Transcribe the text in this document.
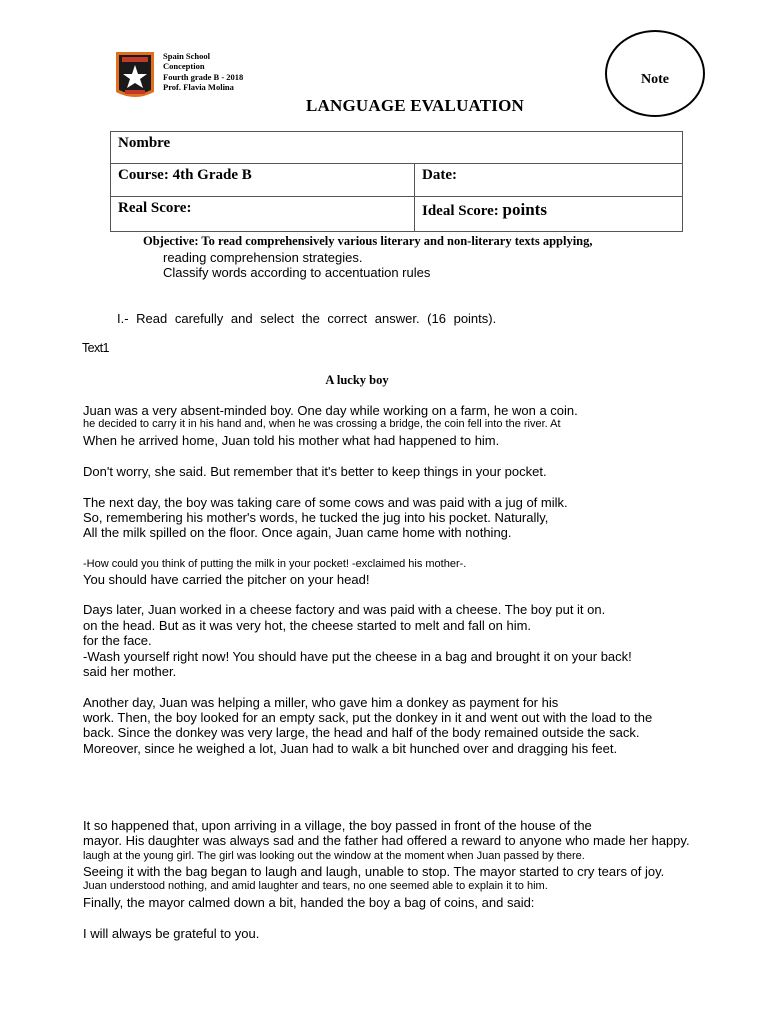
Spain School
Conception
Fourth grade B - 2018
Prof. Flavia Molina	Note
LANGUAGE EVALUATION
Nombre
Course: 4th Grade B	Date:
Real Score:	Ideal Score: points
Objective: To read comprehensively various literary and non-literary texts applying,
reading comprehension strategies.
Classify words according to accentuation rules
I.- Read carefully and select the correct answer. (16 points).
Text1
A lucky boy
Juan was a very absent-minded boy. One day while working on a farm, he won a coin.
he decided to carry it in his hand and, when he was crossing a bridge, the coin fell into the river. At
When he arrived home, Juan told his mother what had happened to him.
Don't worry, she said. But remember that it's better to keep things in your pocket.
The next day, the boy was taking care of some cows and was paid with a jug of milk.
So, remembering his mother's words, he tucked the jug into his pocket. Naturally,
All the milk spilled on the floor. Once again, Juan came home with nothing.
-How could you think of putting the milk in your pocket! -exclaimed his mother-.
You should have carried the pitcher on your head!
Days later, Juan worked in a cheese factory and was paid with a cheese. The boy put it on.
on the head. But as it was very hot, the cheese started to melt and fall on him.
for the face.
-Wash yourself right now! You should have put the cheese in a bag and brought it on your back!
said her mother.
Another day, Juan was helping a miller, who gave him a donkey as payment for his
work. Then, the boy looked for an empty sack, put the donkey in it and went out with the load to the
back. Since the donkey was very large, the head and half of the body remained outside the sack.
Moreover, since he weighed a lot, Juan had to walk a bit hunched over and dragging his feet.
It so happened that, upon arriving in a village, the boy passed in front of the house of the
mayor. His daughter was always sad and the father had offered a reward to anyone who made her happy.
laugh at the young girl. The girl was looking out the window at the moment when Juan passed by there.
Seeing it with the bag began to laugh and laugh, unable to stop. The mayor started to cry tears of joy.
Juan understood nothing, and amid laughter and tears, no one seemed able to explain it to him.
Finally, the mayor calmed down a bit, handed the boy a bag of coins, and said:
I will always be grateful to you.
